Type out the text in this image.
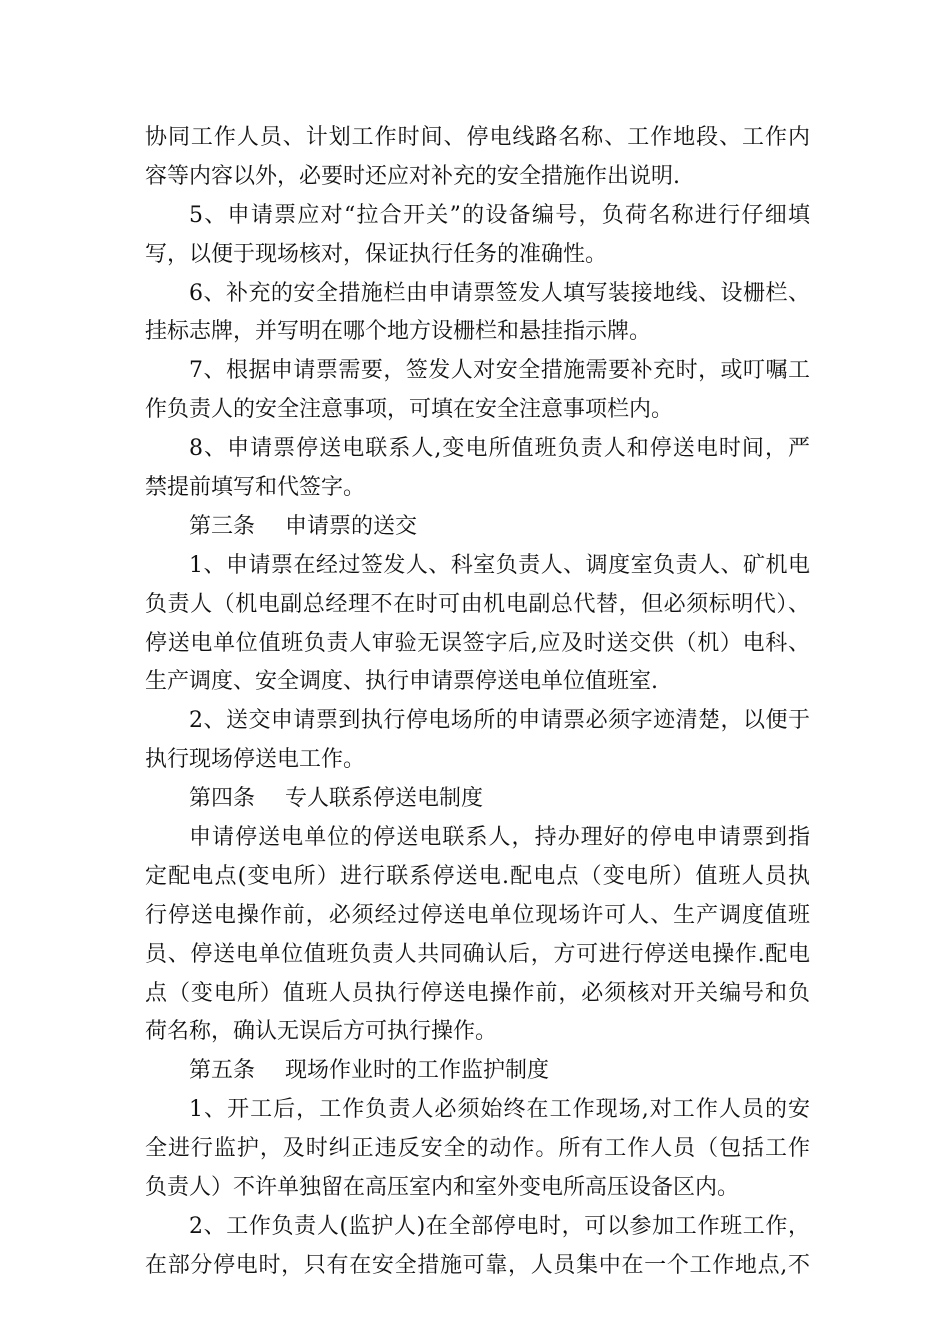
协同工作人员、计划工作时间、停电线路名称、工作地段、工作内
容等内容以外，必要时还应对补充的安全措施作出说明.
5、申请票应对“拉合开关”的设备编号，负荷名称进行仔细填
写，以便于现场核对，保证执行任务的准确性。
6、补充的安全措施栏由申请票签发人填写装接地线、设栅栏、
挂标志牌，并写明在哪个地方设栅栏和悬挂指示牌。
7、根据申请票需要，签发人对安全措施需要补充时，或叮嘱工
作负责人的安全注意事项，可填在安全注意事项栏内。
8、申请票停送电联系人,变电所值班负责人和停送电时间，严
禁提前填写和代签字。
第三条 申请票的送交
1、申请票在经过签发人、科室负责人、调度室负责人、矿机电
负责人（机电副总经理不在时可由机电副总代替，但必须标明代）、
停送电单位值班负责人审验无误签字后,应及时送交供（机）电科、
生产调度、安全调度、执行申请票停送电单位值班室.
2、送交申请票到执行停电场所的申请票必须字迹清楚，以便于
执行现场停送电工作。
第四条 专人联系停送电制度
申请停送电单位的停送电联系人，持办理好的停电申请票到指
定配电点(变电所）进行联系停送电.配电点（变电所）值班人员执
行停送电操作前，必须经过停送电单位现场许可人、生产调度值班
员、停送电单位值班负责人共同确认后，方可进行停送电操作.配电
点（变电所）值班人员执行停送电操作前，必须核对开关编号和负
荷名称，确认无误后方可执行操作。
第五条 现场作业时的工作监护制度
1、开工后，工作负责人必须始终在工作现场,对工作人员的安
全进行监护，及时纠正违反安全的动作。所有工作人员（包括工作
负责人）不许单独留在高压室内和室外变电所高压设备区内。
2、工作负责人(监护人)在全部停电时，可以参加工作班工作，
在部分停电时，只有在安全措施可靠，人员集中在一个工作地点,不
